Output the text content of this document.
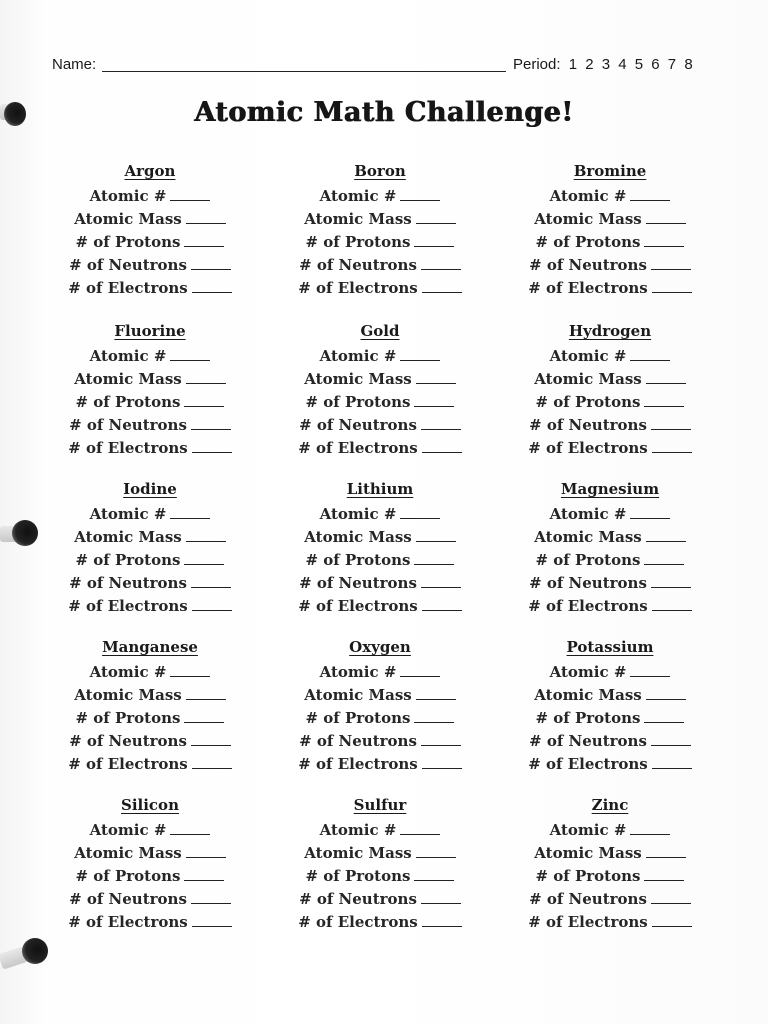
Name:	Period: 1 2 3 4 5 6 7 8
Atomic Math Challenge!
Argon
Atomic #
Atomic Mass
# of Protons
# of Neutrons
# of Electrons
Boron
Atomic #
Atomic Mass
# of Protons
# of Neutrons
# of Electrons
Bromine
Atomic #
Atomic Mass
# of Protons
# of Neutrons
# of Electrons
Fluorine
Atomic #
Atomic Mass
# of Protons
# of Neutrons
# of Electrons
Gold
Atomic #
Atomic Mass
# of Protons
# of Neutrons
# of Electrons
Hydrogen
Atomic #
Atomic Mass
# of Protons
# of Neutrons
# of Electrons
Iodine
Atomic #
Atomic Mass
# of Protons
# of Neutrons
# of Electrons
Lithium
Atomic #
Atomic Mass
# of Protons
# of Neutrons
# of Electrons
Magnesium
Atomic #
Atomic Mass
# of Protons
# of Neutrons
# of Electrons
Manganese
Atomic #
Atomic Mass
# of Protons
# of Neutrons
# of Electrons
Oxygen
Atomic #
Atomic Mass
# of Protons
# of Neutrons
# of Electrons
Potassium
Atomic #
Atomic Mass
# of Protons
# of Neutrons
# of Electrons
Silicon
Atomic #
Atomic Mass
# of Protons
# of Neutrons
# of Electrons
Sulfur
Atomic #
Atomic Mass
# of Protons
# of Neutrons
# of Electrons
Zinc
Atomic #
Atomic Mass
# of Protons
# of Neutrons
# of Electrons
